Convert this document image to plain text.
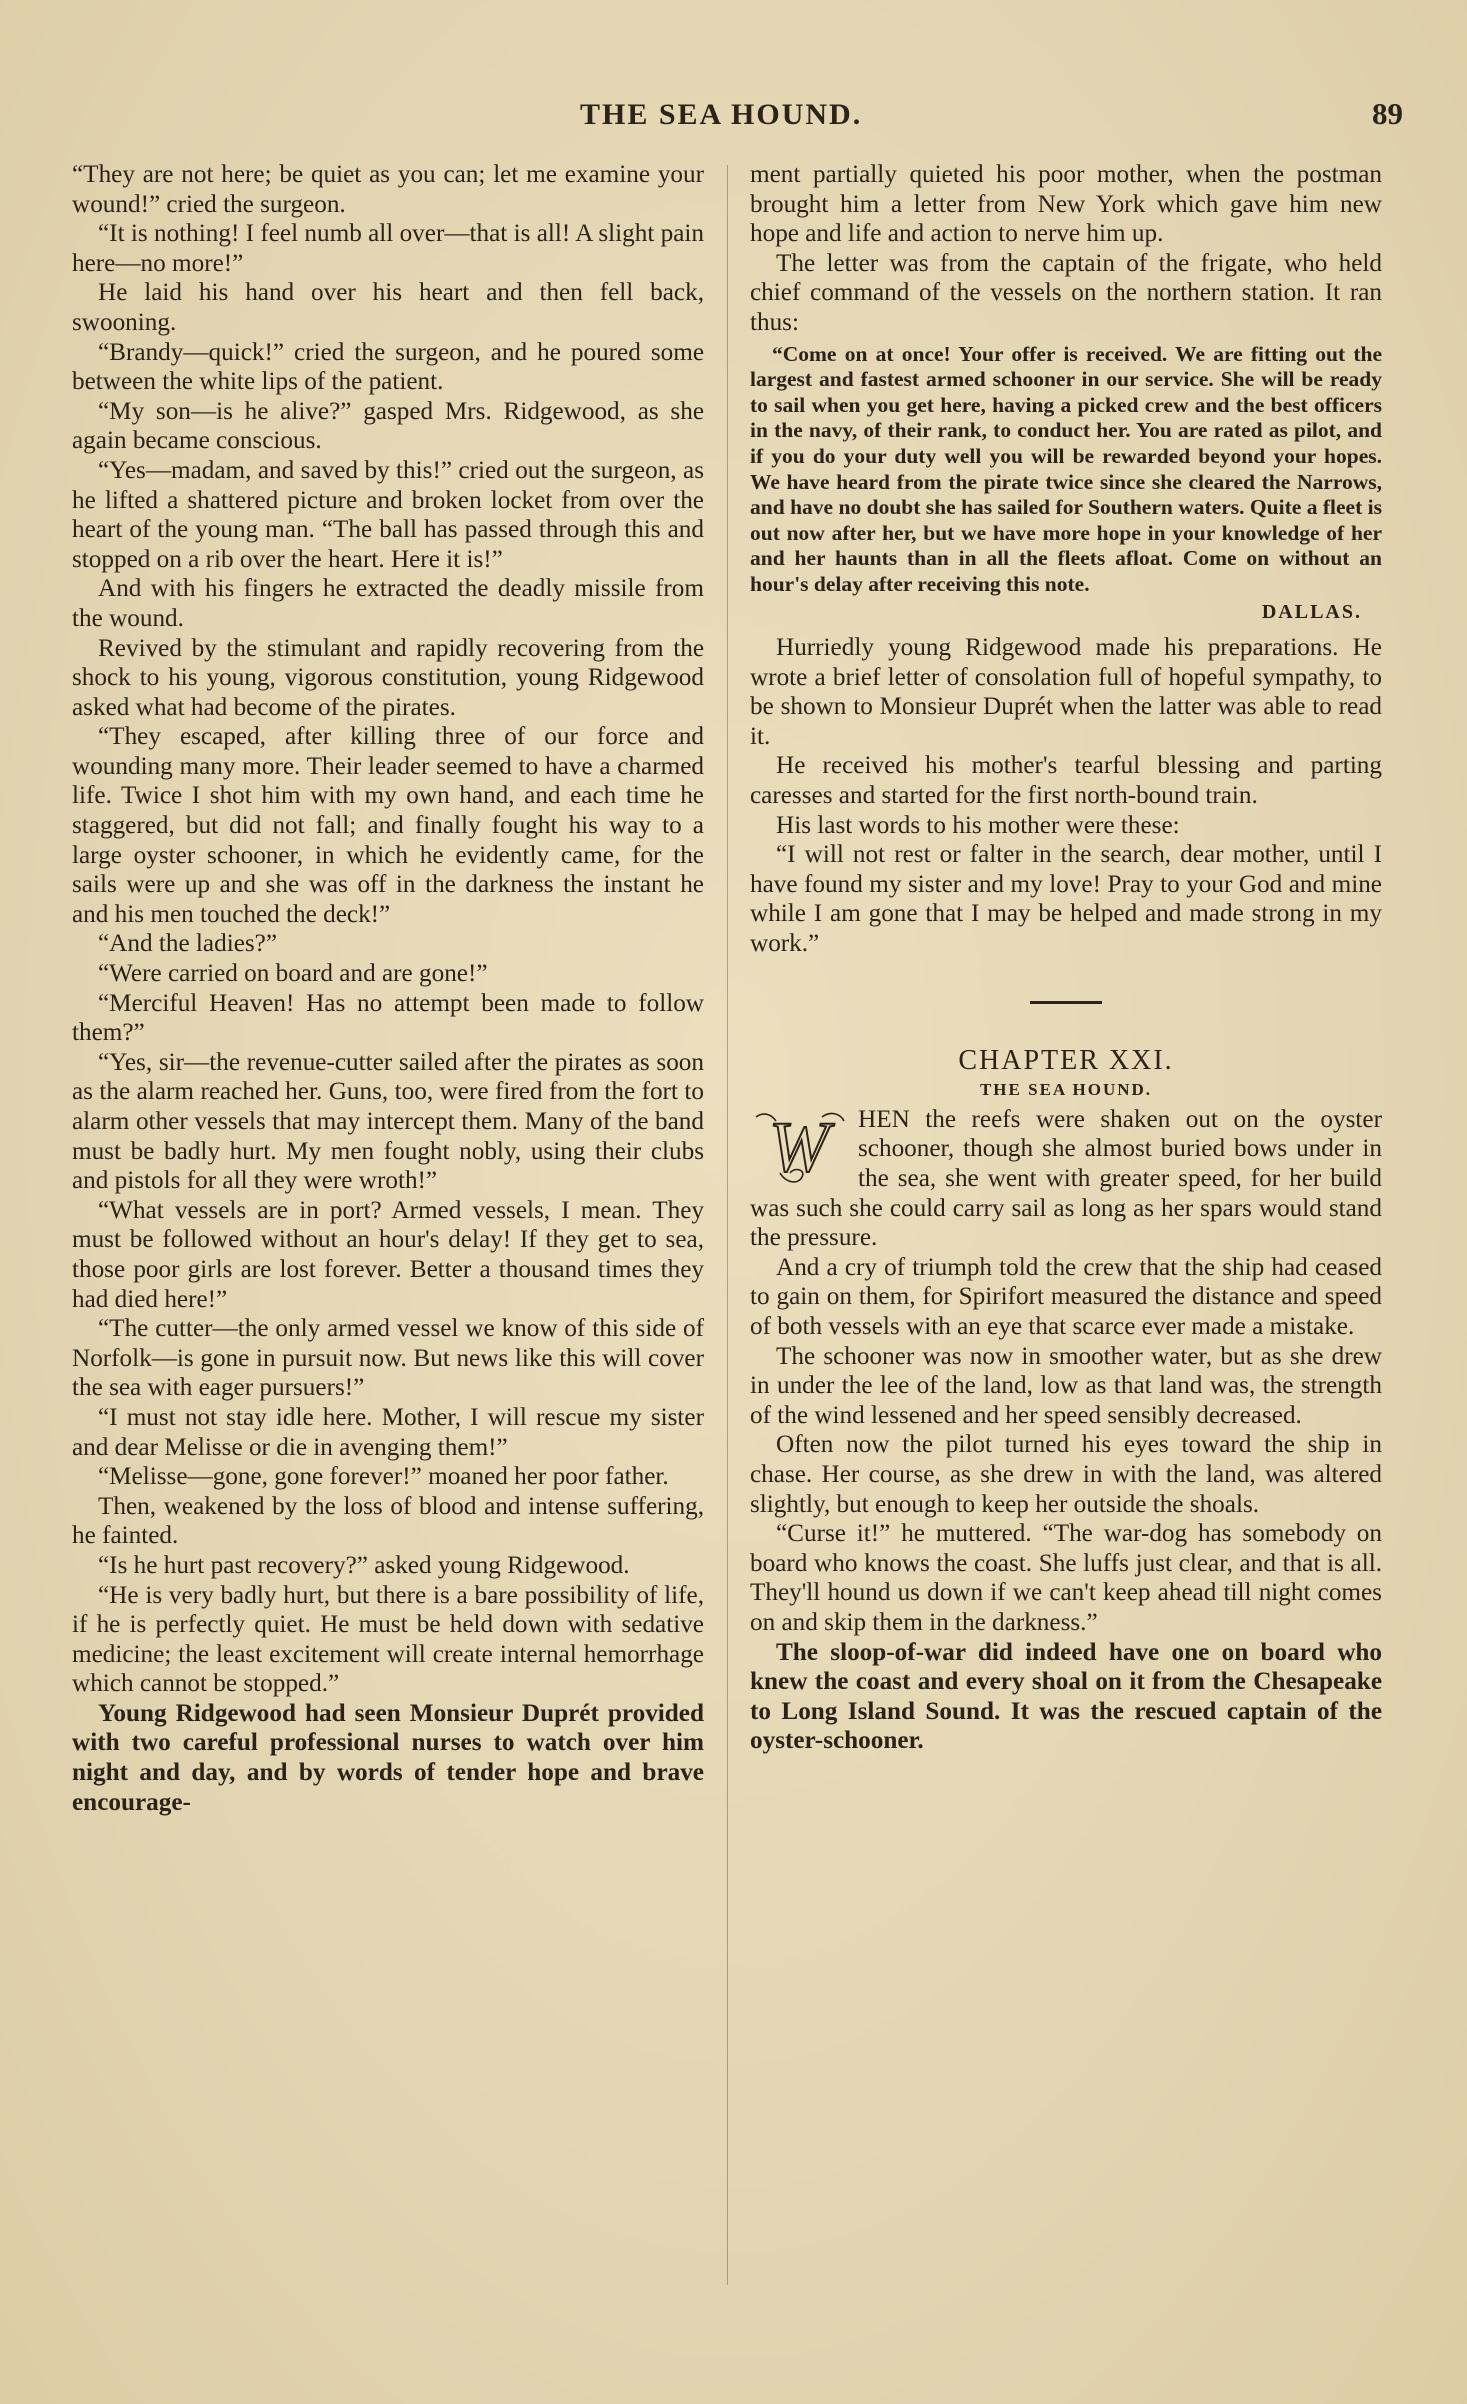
THE SEA HOUND.	89

“They are not here; be quiet as you can; let me examine your wound!” cried the surgeon.

“It is nothing! I feel numb all over—that is all! A slight pain here—no more!”

He laid his hand over his heart and then fell back, swooning.

“Brandy—quick!” cried the surgeon, and he poured some between the white lips of the patient.

“My son—is he alive?” gasped Mrs. Ridgewood, as she again became conscious.

“Yes—madam, and saved by this!” cried out the surgeon, as he lifted a shattered picture and broken locket from over the heart of the young man. “The ball has passed through this and stopped on a rib over the heart. Here it is!”

And with his fingers he extracted the deadly missile from the wound.

Revived by the stimulant and rapidly recovering from the shock to his young, vigorous constitution, young Ridgewood asked what had become of the pirates.

“They escaped, after killing three of our force and wounding many more. Their leader seemed to have a charmed life. Twice I shot him with my own hand, and each time he staggered, but did not fall; and finally fought his way to a large oyster schooner, in which he evidently came, for the sails were up and she was off in the darkness the instant he and his men touched the deck!”

“And the ladies?”

“Were carried on board and are gone!”

“Merciful Heaven! Has no attempt been made to follow them?”

“Yes, sir—the revenue-cutter sailed after the pirates as soon as the alarm reached her. Guns, too, were fired from the fort to alarm other vessels that may intercept them. Many of the band must be badly hurt. My men fought nobly, using their clubs and pistols for all they were wroth!”

“What vessels are in port? Armed vessels, I mean. They must be followed without an hour's delay! If they get to sea, those poor girls are lost forever. Better a thousand times they had died here!”

“The cutter—the only armed vessel we know of this side of Norfolk—is gone in pursuit now. But news like this will cover the sea with eager pursuers!”

“I must not stay idle here. Mother, I will rescue my sister and dear Melisse or die in avenging them!”

“Melisse—gone, gone forever!” moaned her poor father.

Then, weakened by the loss of blood and intense suffering, he fainted.

“Is he hurt past recovery?” asked young Ridgewood.

“He is very badly hurt, but there is a bare possibility of life, if he is perfectly quiet. He must be held down with sedative medicine; the least excitement will create internal hemorrhage which cannot be stopped.”

Young Ridgewood had seen Monsieur Duprét provided with two careful professional nurses to watch over him night and day, and by words of tender hope and brave encourage-

ment partially quieted his poor mother, when the postman brought him a letter from New York which gave him new hope and life and action to nerve him up.

The letter was from the captain of the frigate, who held chief command of the vessels on the northern station. It ran thus:

“Come on at once! Your offer is received. We are fitting out the largest and fastest armed schooner in our service. She will be ready to sail when you get here, having a picked crew and the best officers in the navy, of their rank, to conduct her. You are rated as pilot, and if you do your duty well you will be rewarded beyond your hopes. We have heard from the pirate twice since she cleared the Narrows, and have no doubt she has sailed for Southern waters. Quite a fleet is out now after her, but we have more hope in your knowledge of her and her haunts than in all the fleets afloat. Come on without an hour's delay after receiving this note.

DALLAS.

Hurriedly young Ridgewood made his preparations. He wrote a brief letter of consolation full of hopeful sympathy, to be shown to Monsieur Duprét when the latter was able to read it.

He received his mother's tearful blessing and parting caresses and started for the first north-bound train.

His last words to his mother were these:

“I will not rest or falter in the search, dear mother, until I have found my sister and my love! Pray to your God and mine while I am gone that I may be helped and made strong in my work.”

CHAPTER XXI.

THE SEA HOUND.

W	HEN the reefs were shaken out on the oyster schooner, though she almost buried bows under in the sea, she went with greater speed, for her build was such she could carry sail as long as her spars would stand the pressure.

And a cry of triumph told the crew that the ship had ceased to gain on them, for Spirifort measured the distance and speed of both vessels with an eye that scarce ever made a mistake.

The schooner was now in smoother water, but as she drew in under the lee of the land, low as that land was, the strength of the wind lessened and her speed sensibly decreased.

Often now the pilot turned his eyes toward the ship in chase. Her course, as she drew in with the land, was altered slightly, but enough to keep her outside the shoals.

“Curse it!” he muttered. “The war-dog has somebody on board who knows the coast. She luffs just clear, and that is all. They'll hound us down if we can't keep ahead till night comes on and skip them in the darkness.”

The sloop-of-war did indeed have one on board who knew the coast and every shoal on it from the Chesapeake to Long Island Sound. It was the rescued captain of the oyster-schooner.
